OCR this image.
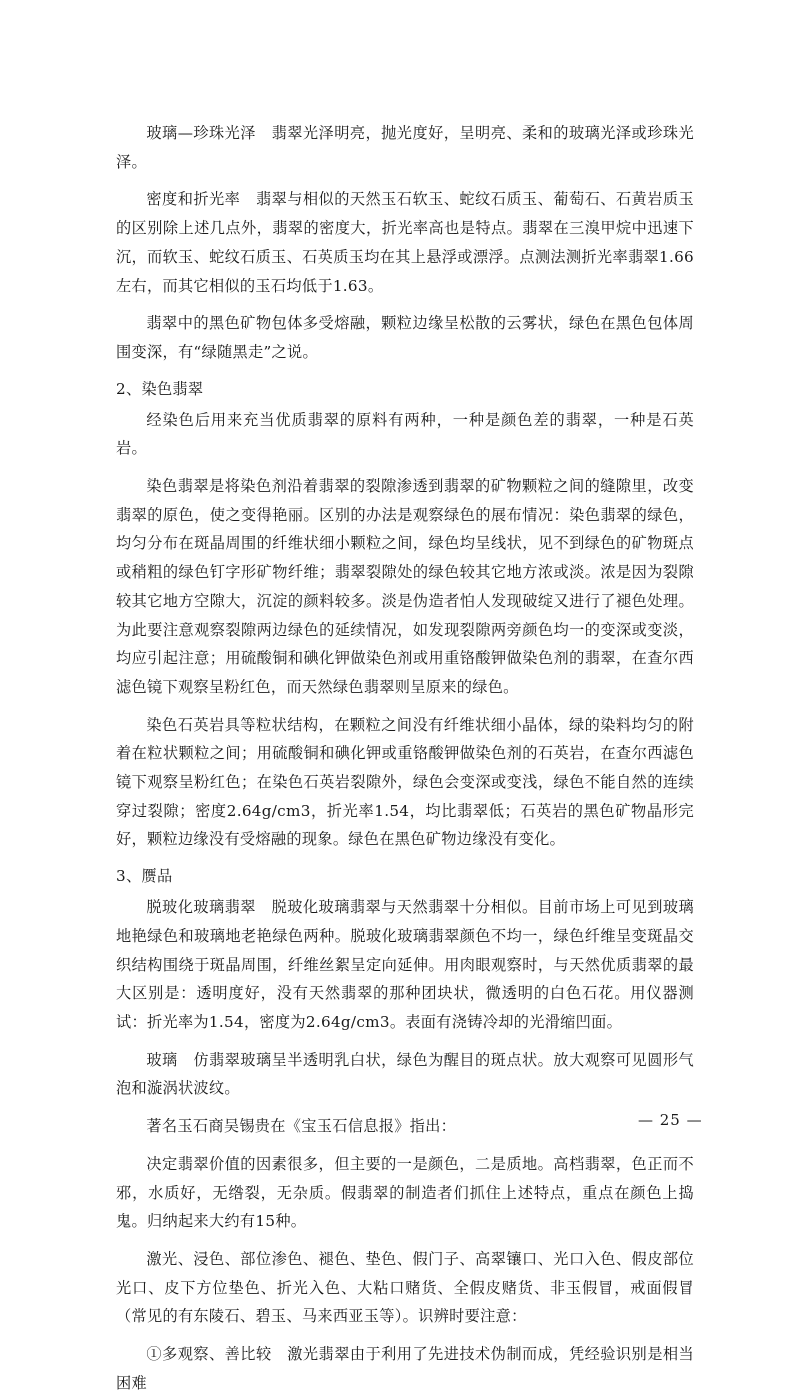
玻璃—珍珠光泽　翡翠光泽明亮，抛光度好，呈明亮、柔和的玻璃光泽或珍珠光泽。

密度和折光率　翡翠与相似的天然玉石软玉、蛇纹石质玉、葡萄石、石黄岩质玉的区别除上述几点外，翡翠的密度大，折光率高也是特点。翡翠在三溴甲烷中迅速下沉，而软玉、蛇纹石质玉、石英质玉均在其上悬浮或漂浮。点测法测折光率翡翠1.66左右，而其它相似的玉石均低于1.63。

翡翠中的黑色矿物包体多受熔融，颗粒边缘呈松散的云雾状，绿色在黑色包体周围变深，有“绿随黑走”之说。

2、染色翡翠

经染色后用来充当优质翡翠的原料有两种，一种是颜色差的翡翠，一种是石英岩。

染色翡翠是将染色剂沿着翡翠的裂隙渗透到翡翠的矿物颗粒之间的缝隙里，改变翡翠的原色，使之变得艳丽。区别的办法是观察绿色的展布情况：染色翡翠的绿色，均匀分布在斑晶周围的纤维状细小颗粒之间，绿色均呈线状，见不到绿色的矿物斑点或稍粗的绿色钉字形矿物纤维；翡翠裂隙处的绿色较其它地方浓或淡。浓是因为裂隙较其它地方空隙大，沉淀的颜料较多。淡是伪造者怕人发现破绽又进行了褪色处理。为此要注意观察裂隙两边绿色的延续情况，如发现裂隙两旁颜色均一的变深或变淡，均应引起注意；用硫酸铜和碘化钾做染色剂或用重铬酸钾做染色剂的翡翠，在查尔西滤色镜下观察呈粉红色，而天然绿色翡翠则呈原来的绿色。

染色石英岩具等粒状结构，在颗粒之间没有纤维状细小晶体，绿的染料均匀的附着在粒状颗粒之间；用硫酸铜和碘化钾或重铬酸钾做染色剂的石英岩，在查尔西滤色镜下观察呈粉红色；在染色石英岩裂隙外，绿色会变深或变浅，绿色不能自然的连续穿过裂隙；密度2.64g/cm3，折光率1.54，均比翡翠低；石英岩的黑色矿物晶形完好，颗粒边缘没有受熔融的现象。绿色在黑色矿物边缘没有变化。

3、赝品

脱玻化玻璃翡翠　脱玻化玻璃翡翠与天然翡翠十分相似。目前市场上可见到玻璃地艳绿色和玻璃地老艳绿色两种。脱玻化玻璃翡翠颜色不均一，绿色纤维呈变斑晶交织结构围绕于斑晶周围，纤维丝絮呈定向延伸。用肉眼观察时，与天然优质翡翠的最大区别是：透明度好，没有天然翡翠的那种团块状，微透明的白色石花。用仪器测试：折光率为1.54，密度为2.64g/cm3。表面有浇铸冷却的光滑缩凹面。

玻璃　仿翡翠玻璃呈半透明乳白状，绿色为醒目的斑点状。放大观察可见圆形气泡和漩涡状波纹。

著名玉石商吴锡贵在《宝玉石信息报》指出：

决定翡翠价值的因素很多，但主要的一是颜色，二是质地。高档翡翠，色正而不邪，水质好，无绺裂，无杂质。假翡翠的制造者们抓住上述特点，重点在颜色上捣鬼。归纳起来大约有15种。

激光、浸色、部位渗色、褪色、垫色、假门子、高翠镶口、光口入色、假皮部位光口、皮下方位垫色、折光入色、大粘口赌货、全假皮赌货、非玉假冒，戒面假冒（常见的有东陵石、碧玉、马来西亚玉等）。识辨时要注意：

①多观察、善比较　激光翡翠由于利用了先进技术伪制而成，凭经验识别是相当困难

— 25 —
